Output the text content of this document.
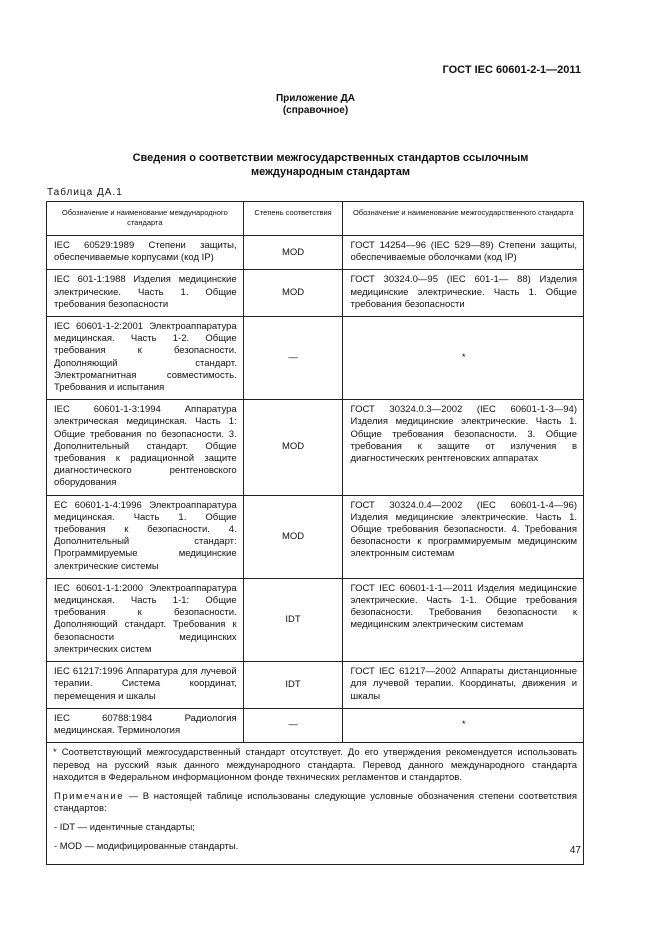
ГОСТ IEC 60601-2-1—2011
Приложение ДА
(справочное)
Сведения о соответствии межгосударственных стандартов ссылочным
международным стандартам
Таблица ДА.1
Обозначение и наименование международного стандарта	Степень соответствия	Обозначение и наименование межгосударственного стандарта
IEC 60529:1989 Степени защиты, обеспечиваемые корпусами (код IP)	MOD	ГОСТ 14254—96 (IEC 529—89) Степени защиты, обеспечиваемые оболочками (код IP)
IEC 601-1:1988 Изделия медицинские электрические. Часть 1. Общие требования безопасности	MOD	ГОСТ 30324.0—95 (IEC 601-1— 88) Изделия медицинские электрические. Часть 1. Общие требования безопасности
IEC 60601-1-2:2001 Электроаппаратура медицинская. Часть 1-2. Общие требования к безопасности. Дополняющий стандарт. Электромагнитная совместимость. Требования и испытания	—	*
IEC 60601-1-3:1994 Аппаратура электрическая медицинская. Часть 1: Общие требования по безопасности. 3. Дополнительный стандарт. Общие требования к радиационной защите диагностического рентгеновского оборудования	MOD	ГОСТ 30324.0.3—2002 (IEC 60601-1-3—94) Изделия медицинские электрические. Часть 1. Общие требования безопасности. 3. Общие требования к защите от излучения в диагностических рентгеновских аппаратах
ЕС 60601-1-4:1996 Электроаппаратура медицинская. Часть 1. Общие требования к безопасности. 4. Дополнительный стандарт: Программируемые медицинские электрические системы	MOD	ГОСТ 30324.0.4—2002 (IEC 60601-1-4—96) Изделия медицинские электрические. Часть 1. Общие требования безопасности. 4. Требования безопасности к программируемым медицинским электронным системам
IEC 60601-1-1:2000 Электроаппаратура медицинская. Часть 1-1: Общие требования к безопасности. Дополняющий стандарт. Требования к безопасности медицинских электрических систем	IDT	ГОСТ IEC 60601-1-1—2011 Изделия медицинские электрические. Часть 1-1. Общие требования безопасности. Требования безопасности к медицинским электрическим системам
IEC 61217:1996 Аппаратура для лучевой терапии. Система координат, перемещения и шкалы	IDT	ГОСТ IEC 61217—2002 Аппараты дистанционные для лучевой терапии. Координаты, движения и шкалы
IEC 60788:1984 Радиология медицинская. Терминология	—	*

* Соответствующий межгосударственный стандарт отсутствует. До его утверждения рекомендуется использовать перевод на русский язык данного международного стандарта. Перевод данного международного стандарта находится в Федеральном информационном фонде технических регламентов и стандартов.

Примечание — В настоящей таблице использованы следующие условные обозначения степени соответствия стандартов:

- IDT — идентичные стандарты;

- MOD — модифицированные стандарты.			47
